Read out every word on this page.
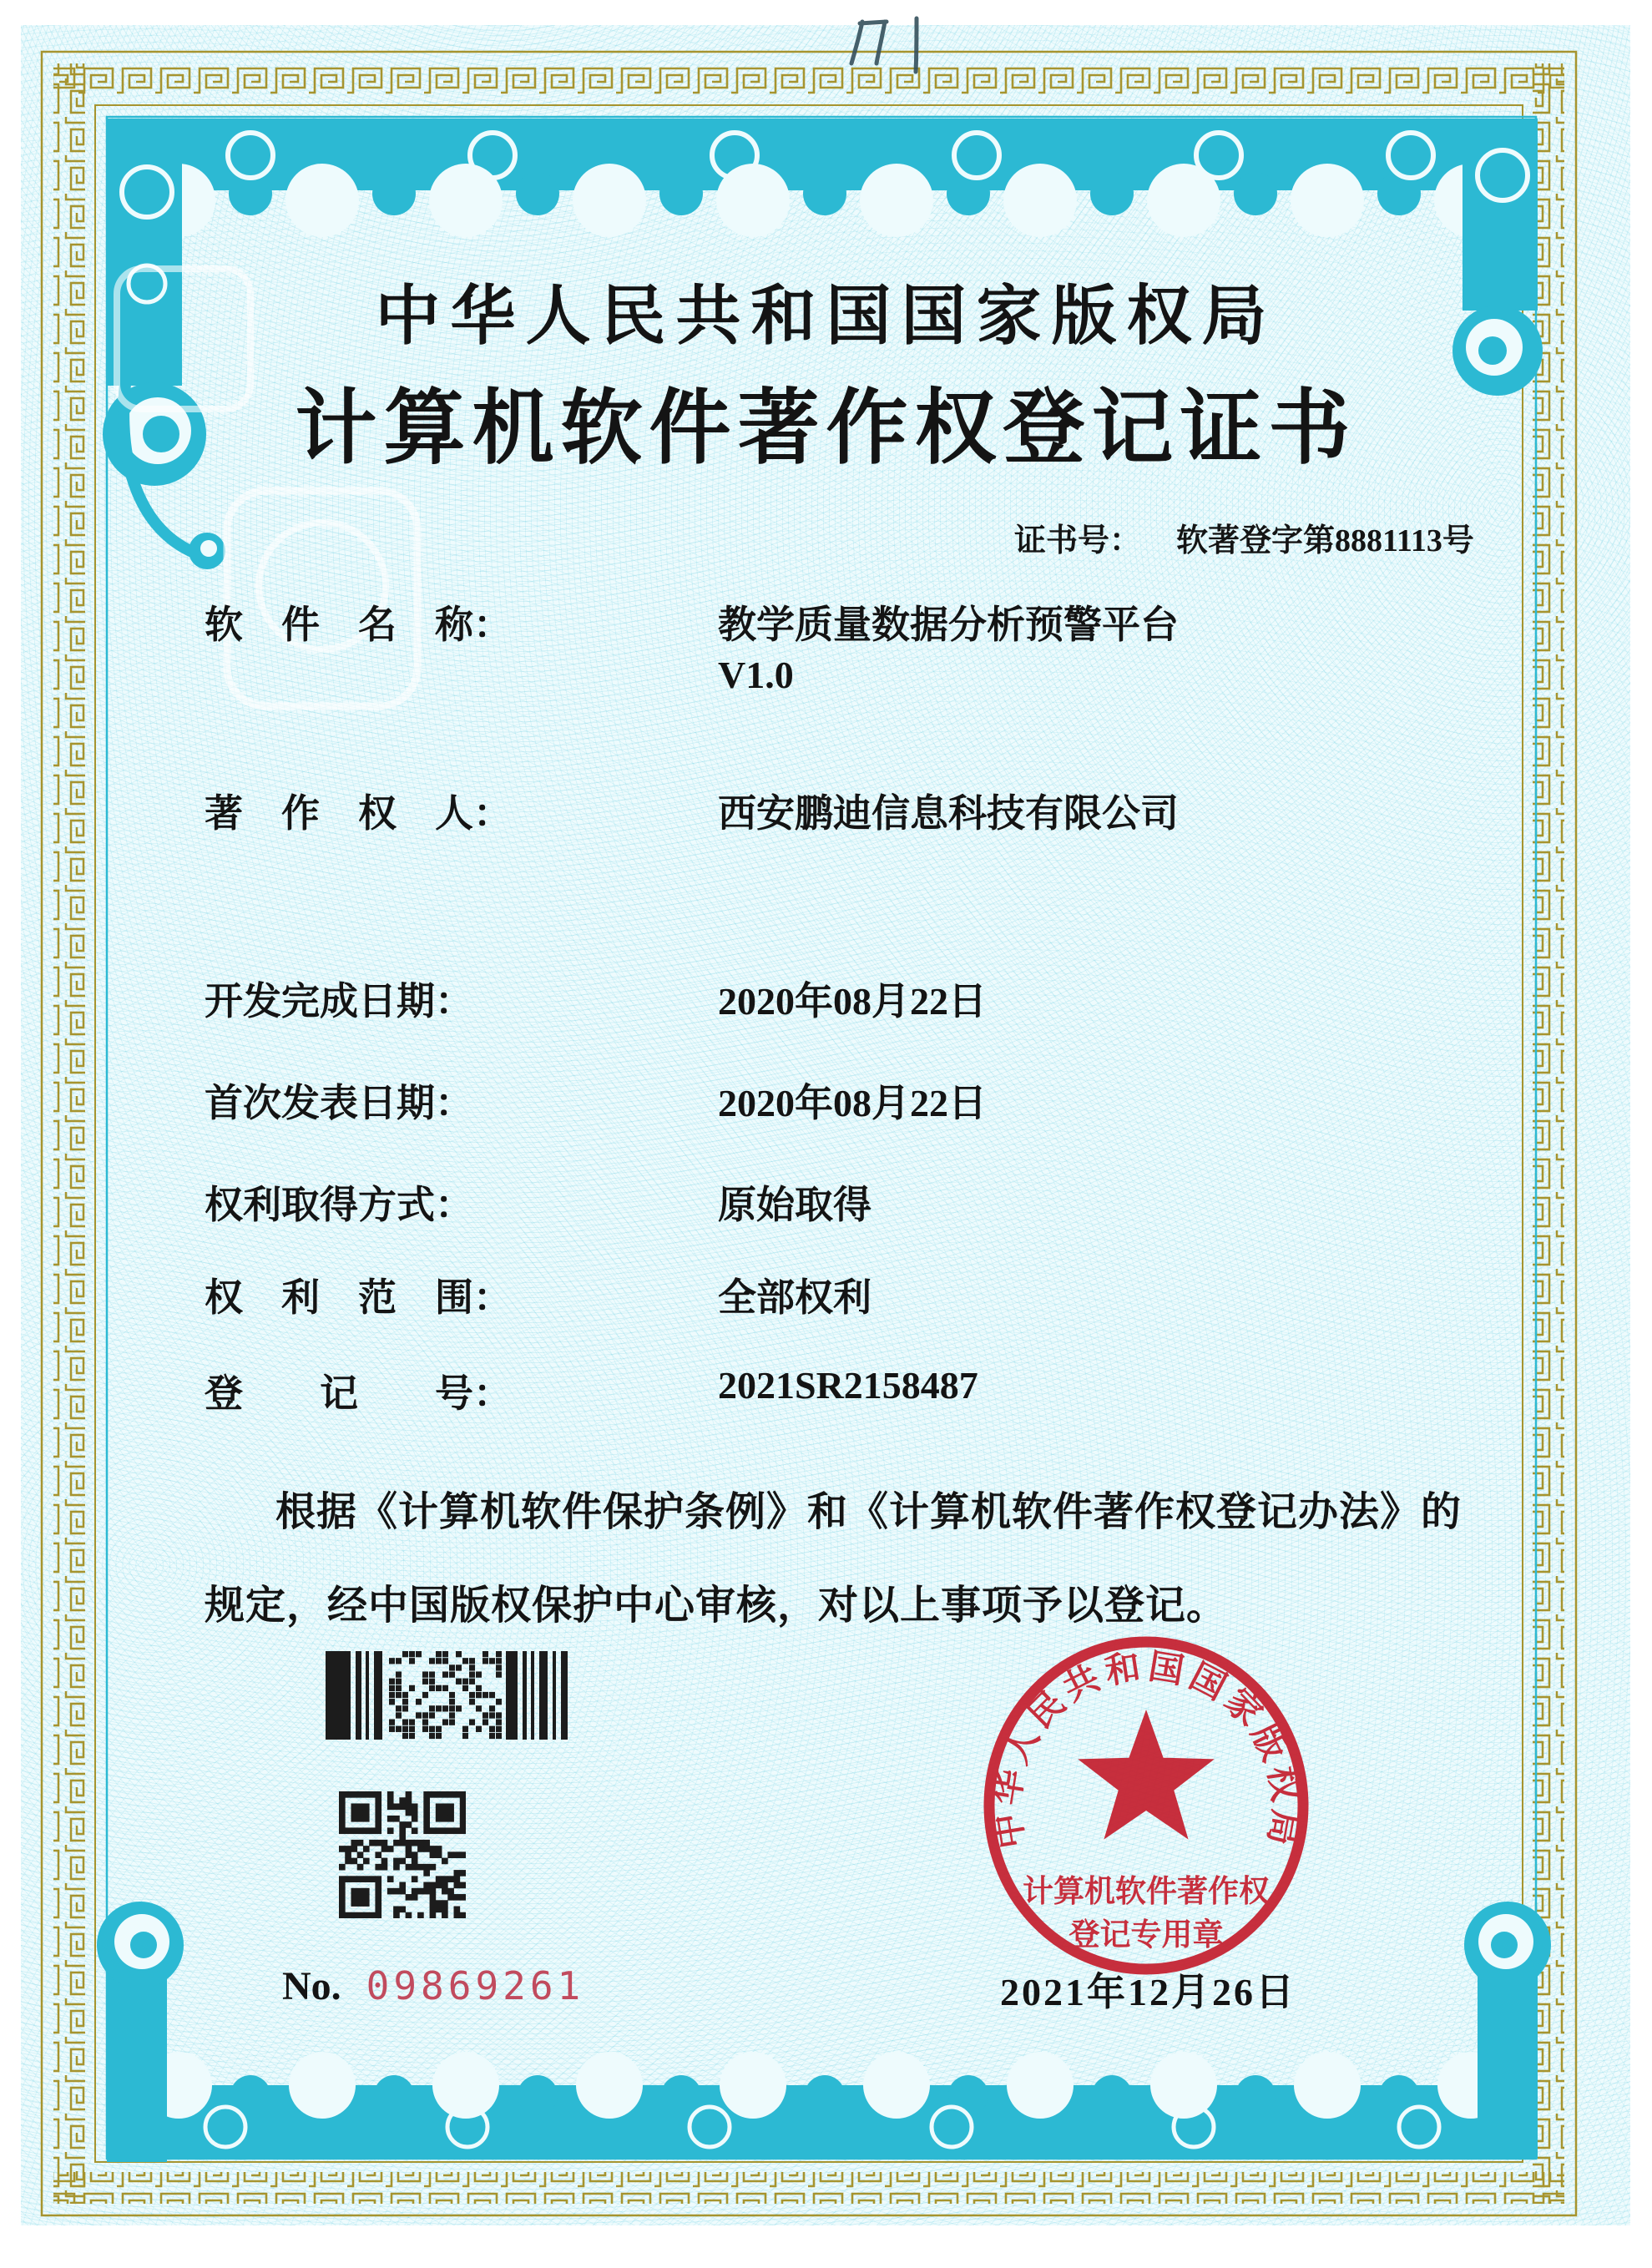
中华人民共和国国家版权局
计算机软件著作权登记证书
证书号： 软著登字第8881113号
软　件　名　称：	教学质量数据分析预警平台
V1.0
著　作　权　人：	西安鹏迪信息科技有限公司
开发完成日期：	2020年08月22日
首次发表日期：	2020年08月22日
权利取得方式：	原始取得
权　利　范　围：	全部权利
登　　记　　号：	2021SR2158487
根据《计算机软件保护条例》和《计算机软件著作权登记办法》的
规定，经中国版权保护中心审核，对以上事项予以登记。
No. 09869261
中华人民共和国国家版权局
计算机软件著作权
登记专用章
2021年12月26日
